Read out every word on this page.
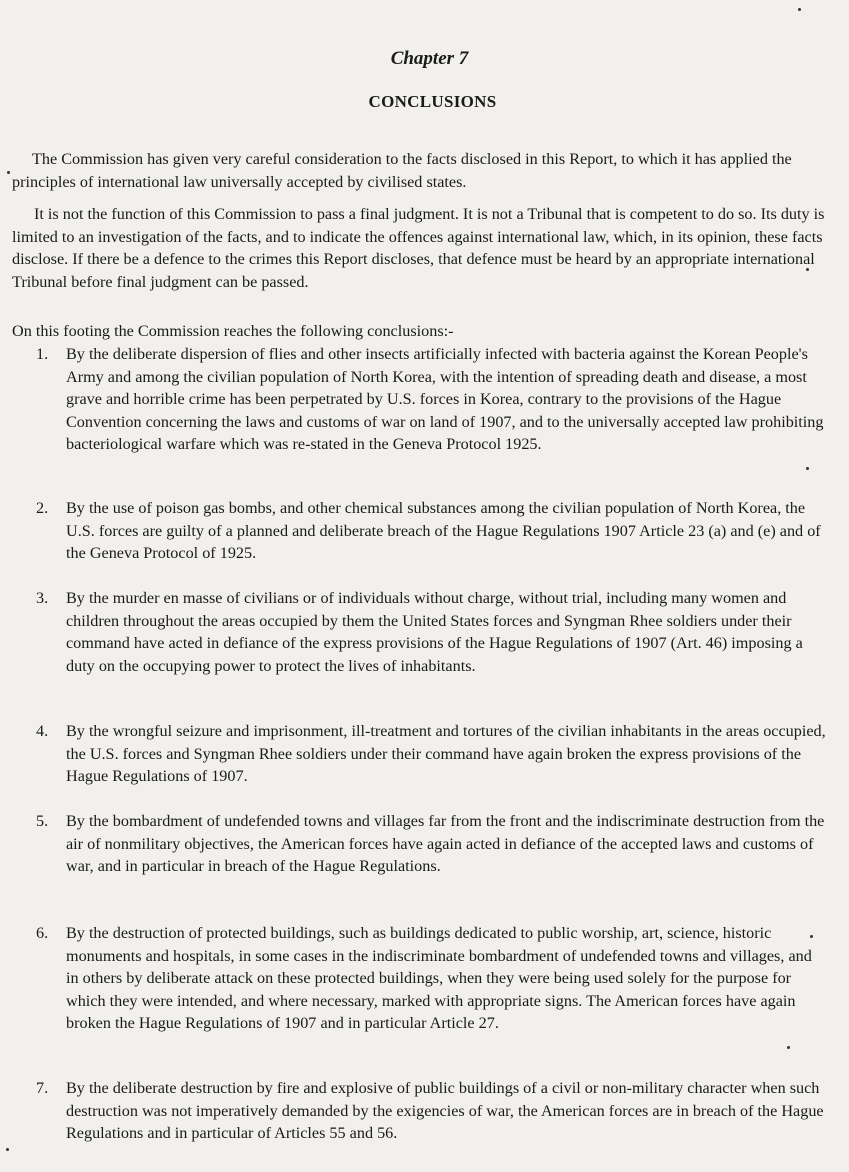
Chapter 7
CONCLUSIONS
The Commission has given very careful consideration to the facts disclosed in this Report, to which it has applied the principles of international law universally accepted by civilised states.
It is not the function of this Commission to pass a final judgment. It is not a Tribunal that is competent to do so. Its duty is limited to an investigation of the facts, and to indicate the offences against international law, which, in its opinion, these facts disclose. If there be a defence to the crimes this Report discloses, that defence must be heard by an appropriate international Tribunal before final judgment can be passed.
On this footing the Commission reaches the following conclusions:-
1.	By the deliberate dispersion of flies and other insects artificially infected with bacteria against the Korean People's Army and among the civilian population of North Korea, with the intention of spreading death and disease, a most grave and horrible crime has been perpetrated by U.S. forces in Korea, contrary to the provisions of the Hague Convention concerning the laws and customs of war on land of 1907, and to the universally accepted law prohibiting bacteriological warfare which was re-stated in the Geneva Protocol 1925.
2.	By the use of poison gas bombs, and other chemical substances among the civilian population of North Korea, the U.S. forces are guilty of a planned and deliberate breach of the Hague Regulations 1907 Article 23 (a) and (e) and of the Geneva Protocol of 1925.
3.	By the murder en masse of civilians or of individuals without charge, without trial, including many women and children throughout the areas occupied by them the United States forces and Syngman Rhee soldiers under their command have acted in defiance of the express provisions of the Hague Regulations of 1907 (Art. 46) imposing a duty on the occupying power to protect the lives of inhabitants.
4.	By the wrongful seizure and imprisonment, ill-treatment and tortures of the civilian inhabitants in the areas occupied, the U.S. forces and Syngman Rhee soldiers under their command have again broken the express provisions of the Hague Regulations of 1907.
5.	By the bombardment of undefended towns and villages far from the front and the indiscriminate destruction from the air of nonmilitary objectives, the American forces have again acted in defiance of the accepted laws and customs of war, and in particular in breach of the Hague Regulations.
6.	By the destruction of protected buildings, such as buildings dedicated to public worship, art, science, historic monuments and hospitals, in some cases in the indiscriminate bombardment of undefended towns and villages, and in others by deliberate attack on these protected buildings, when they were being used solely for the purpose for which they were intended, and where necessary, marked with appropriate signs. The American forces have again broken the Hague Regulations of 1907 and in particular Article 27.
7.	By the deliberate destruction by fire and explosive of public buildings of a civil or non-military character when such destruction was not imperatively demanded by the exigencies of war, the American forces are in breach of the Hague Regulations and in particular of Articles 55 and 56.
